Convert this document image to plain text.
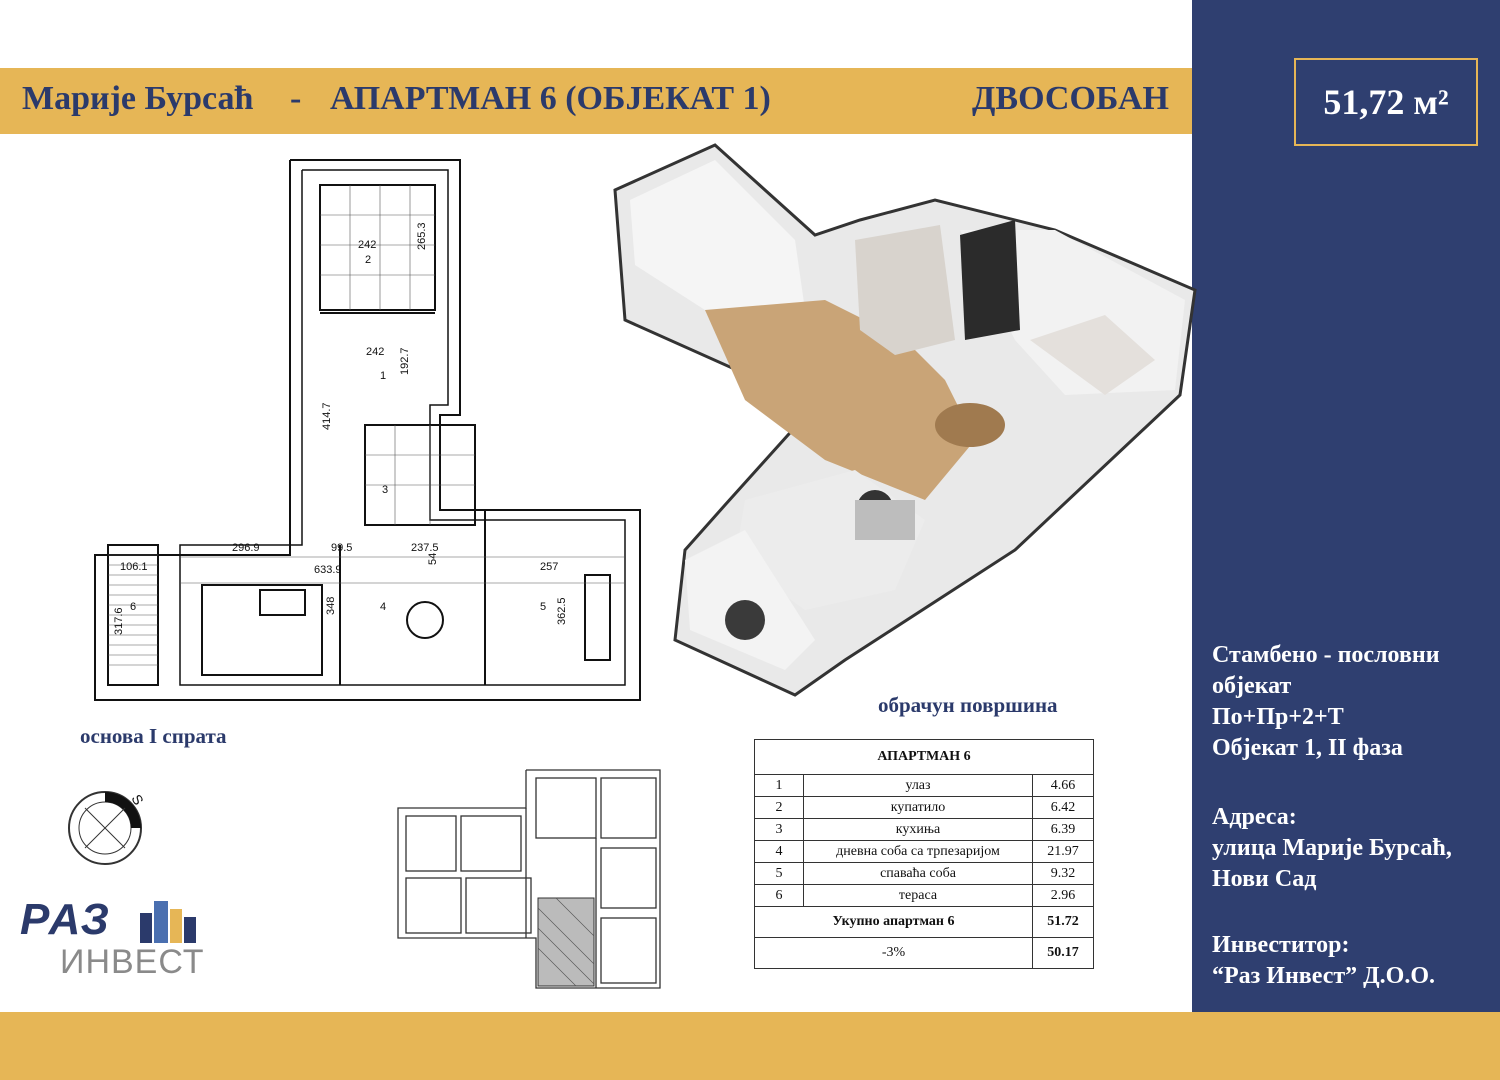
Марије Бурсаћ - АПАРТМАН 6 (ОБЈЕКАТ 1)	ДВОСОБАН	51,72 м²
2
1
3
4	5
6
242	265.3
242 192.7
414.7
296.9	99.5	237.5
633.9
54
257
362.5
348
106.1
317.6
основа I спрата
обрачун површина
S
РАЗ
ИНВЕСТ
АПАРТМАН 6		
1	улаз	4.66
2	купатило	6.42
3	кухиња	6.39
4	дневна соба са трпезаријом	21.97
5	спаваћа соба	9.32
6	тераса	2.96
Укупно апартман 6		51.72
-3%		50.17
Стамбено - пословни
објекат
По+Пр+2+Т
Објекат 1, II фаза
Адреса:
улица Марије Бурсаћ,
Нови Сад
Инвеститор:
“Раз Инвест” Д.О.О.
